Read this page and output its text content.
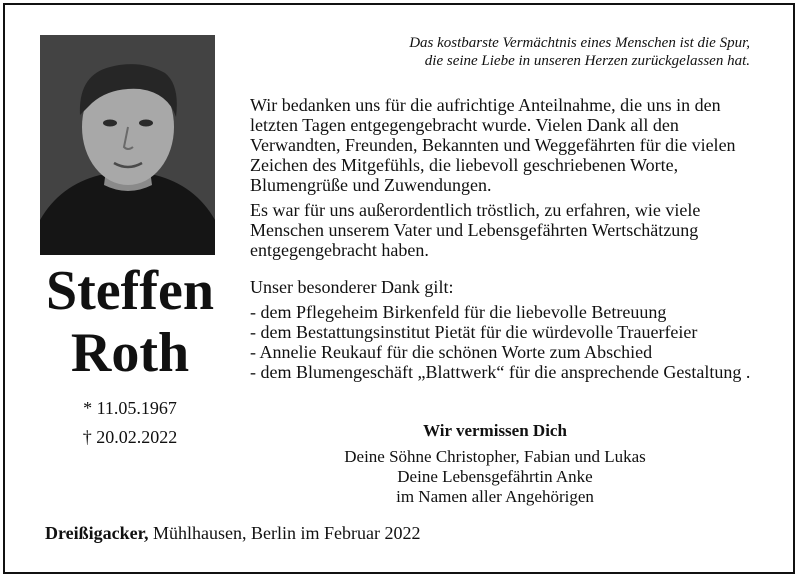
Steffen
Roth
* 11.05.1967
† 20.02.2022
Das kostbarste Vermächtnis eines Menschen ist die Spur,
die seine Liebe in unseren Herzen zurückgelassen hat.
Wir bedanken uns für die aufrichtige Anteilnahme, die uns in den letzten Tagen entgegengebracht wurde. Vielen Dank all den Verwandten, Freunden, Bekannten und Weggefährten für die vielen Zeichen des Mitgefühls, die liebevoll geschriebenen Worte, Blumengrüße und Zuwendungen.
Es war für uns außerordentlich tröstlich, zu erfahren, wie viele Menschen unserem Vater und Lebensgefährten Wertschätzung entgegengebracht haben.
Unser besonderer Dank gilt:
- dem Pflegeheim Birkenfeld für die liebevolle Betreuung
- dem Bestattungsinstitut Pietät für die würdevolle Trauerfeier
- Annelie Reukauf für die schönen Worte zum Abschied
- dem Blumengeschäft „Blattwerk“ für die ansprechende Gestaltung .
Wir vermissen Dich
Deine Söhne Christopher, Fabian und Lukas
Deine Lebensgefährtin Anke
im Namen aller Angehörigen
Dreißigacker, Mühlhausen, Berlin im Februar 2022
